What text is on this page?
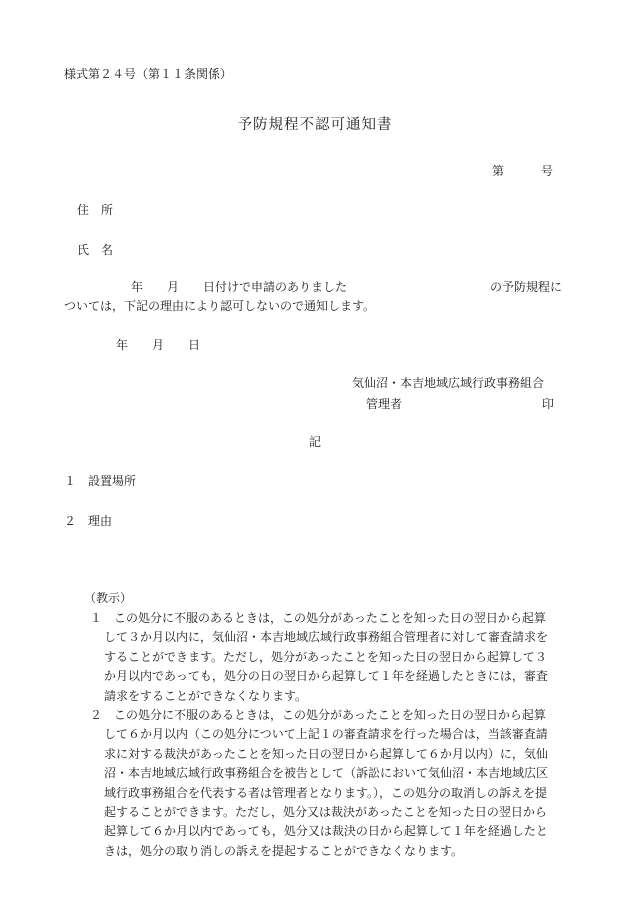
様式第２４号（第１１条関係）
予防規程不認可通知書
第	号
住所
氏名
年　　月　　日付けで申請のありました	の予防規程に
ついては，下記の理由により認可しないので通知します。
年 月 日
気仙沼・本吉地域広域行政事務組合
管理者	印
記
１　設置場所
２　理由
（教示）
１　この処分に不服のあるときは，この処分があったことを知った日の翌日から起算
して３か月以内に，気仙沼・本吉地域広域行政事務組合管理者に対して審査請求を
することができます。ただし，処分があったことを知った日の翌日から起算して３
か月以内であっても，処分の日の翌日から起算して１年を経過したときには，審査
請求をすることができなくなります。
２　この処分に不服のあるときは，この処分があったことを知った日の翌日から起算
して６か月以内（この処分について上記１の審査請求を行った場合は，当該審査請
求に対する裁決があったことを知った日の翌日から起算して６か月以内）に，気仙
沼・本吉地域広域行政事務組合を被告として（訴訟において気仙沼・本吉地域広区
域行政事務組合を代表する者は管理者となります。），この処分の取消しの訴えを提
起することができます。ただし，処分又は裁決があったことを知った日の翌日から
起算して６か月以内であっても，処分又は裁決の日から起算して１年を経過したと
きは，処分の取り消しの訴えを提起することができなくなります。
